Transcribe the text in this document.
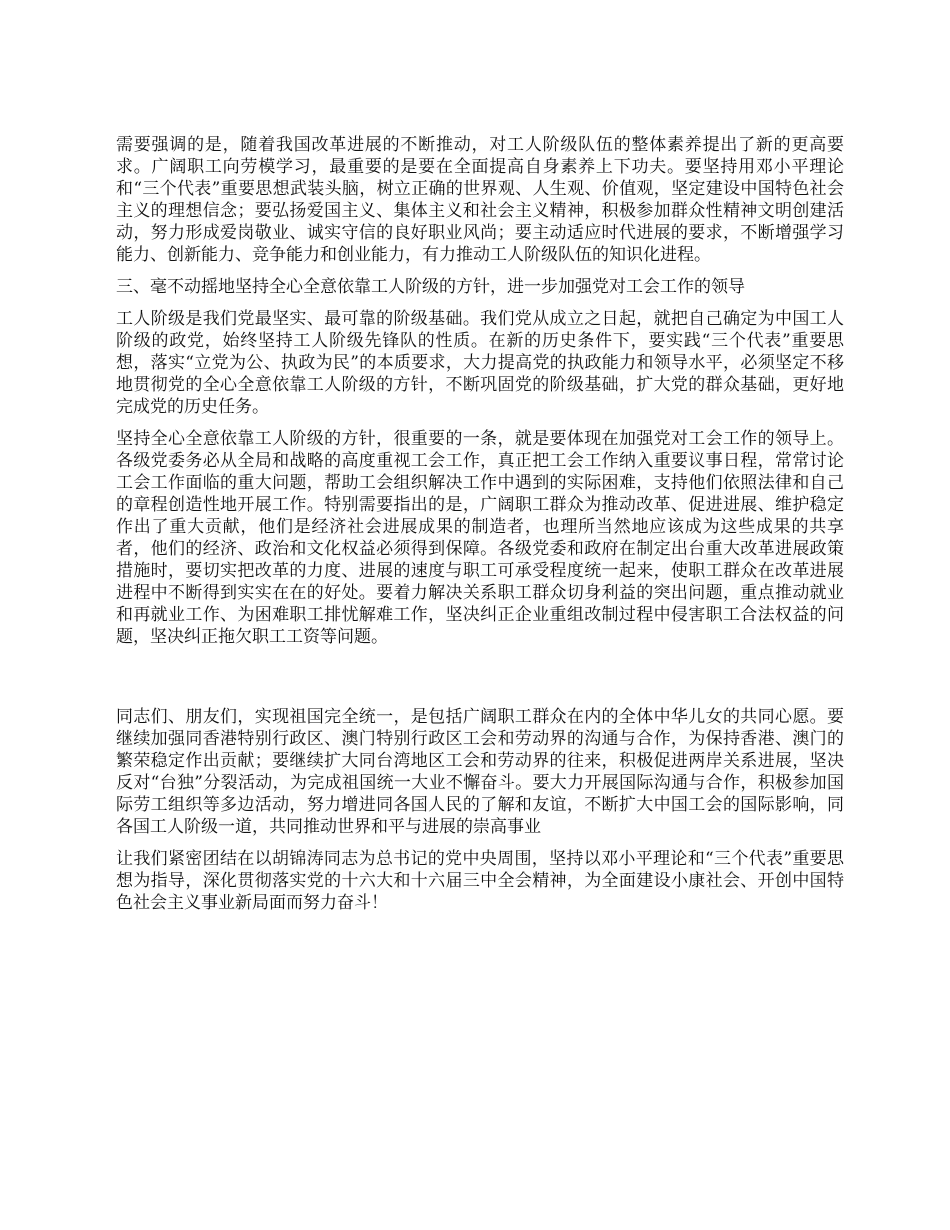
需要强调的是，随着我国改革进展的不断推动，对工人阶级队伍的整体素养提出了新的更高要求。广阔职工向劳模学习，最重要的是要在全面提高自身素养上下功夫。要坚持用邓小平理论和“三个代表”重要思想武装头脑，树立正确的世界观、人生观、价值观，坚定建设中国特色社会主义的理想信念；要弘扬爱国主义、集体主义和社会主义精神，积极参加群众性精神文明创建活动，努力形成爱岗敬业、诚实守信的良好职业风尚；要主动适应时代进展的要求，不断增强学习能力、创新能力、竞争能力和创业能力，有力推动工人阶级队伍的知识化进程。

三、毫不动摇地坚持全心全意依靠工人阶级的方针，进一步加强党对工会工作的领导

工人阶级是我们党最坚实、最可靠的阶级基础。我们党从成立之日起，就把自己确定为中国工人阶级的政党，始终坚持工人阶级先锋队的性质。在新的历史条件下，要实践“三个代表”重要思想，落实“立党为公、执政为民”的本质要求，大力提高党的执政能力和领导水平，必须坚定不移地贯彻党的全心全意依靠工人阶级的方针，不断巩固党的阶级基础，扩大党的群众基础，更好地完成党的历史任务。

坚持全心全意依靠工人阶级的方针，很重要的一条，就是要体现在加强党对工会工作的领导上。各级党委务必从全局和战略的高度重视工会工作，真正把工会工作纳入重要议事日程，常常讨论工会工作面临的重大问题，帮助工会组织解决工作中遇到的实际困难，支持他们依照法律和自己的章程创造性地开展工作。特别需要指出的是，广阔职工群众为推动改革、促进进展、维护稳定作出了重大贡献，他们是经济社会进展成果的制造者，也理所当然地应该成为这些成果的共享者，他们的经济、政治和文化权益必须得到保障。各级党委和政府在制定出台重大改革进展政策措施时，要切实把改革的力度、进展的速度与职工可承受程度统一起来，使职工群众在改革进展进程中不断得到实实在在的好处。要着力解决关系职工群众切身利益的突出问题，重点推动就业和再就业工作、为困难职工排忧解难工作，坚决纠正企业重组改制过程中侵害职工合法权益的问题，坚决纠正拖欠职工工资等问题。

同志们、朋友们，实现祖国完全统一，是包括广阔职工群众在内的全体中华儿女的共同心愿。要继续加强同香港特别行政区、澳门特别行政区工会和劳动界的沟通与合作，为保持香港、澳门的繁荣稳定作出贡献；要继续扩大同台湾地区工会和劳动界的往来，积极促进两岸关系进展，坚决反对“台独”分裂活动，为完成祖国统一大业不懈奋斗。要大力开展国际沟通与合作，积极参加国际劳工组织等多边活动，努力增进同各国人民的了解和友谊，不断扩大中国工会的国际影响，同各国工人阶级一道，共同推动世界和平与进展的崇高事业

让我们紧密团结在以胡锦涛同志为总书记的党中央周围，坚持以邓小平理论和“三个代表”重要思想为指导，深化贯彻落实党的十六大和十六届三中全会精神，为全面建设小康社会、开创中国特色社会主义事业新局面而努力奋斗！
